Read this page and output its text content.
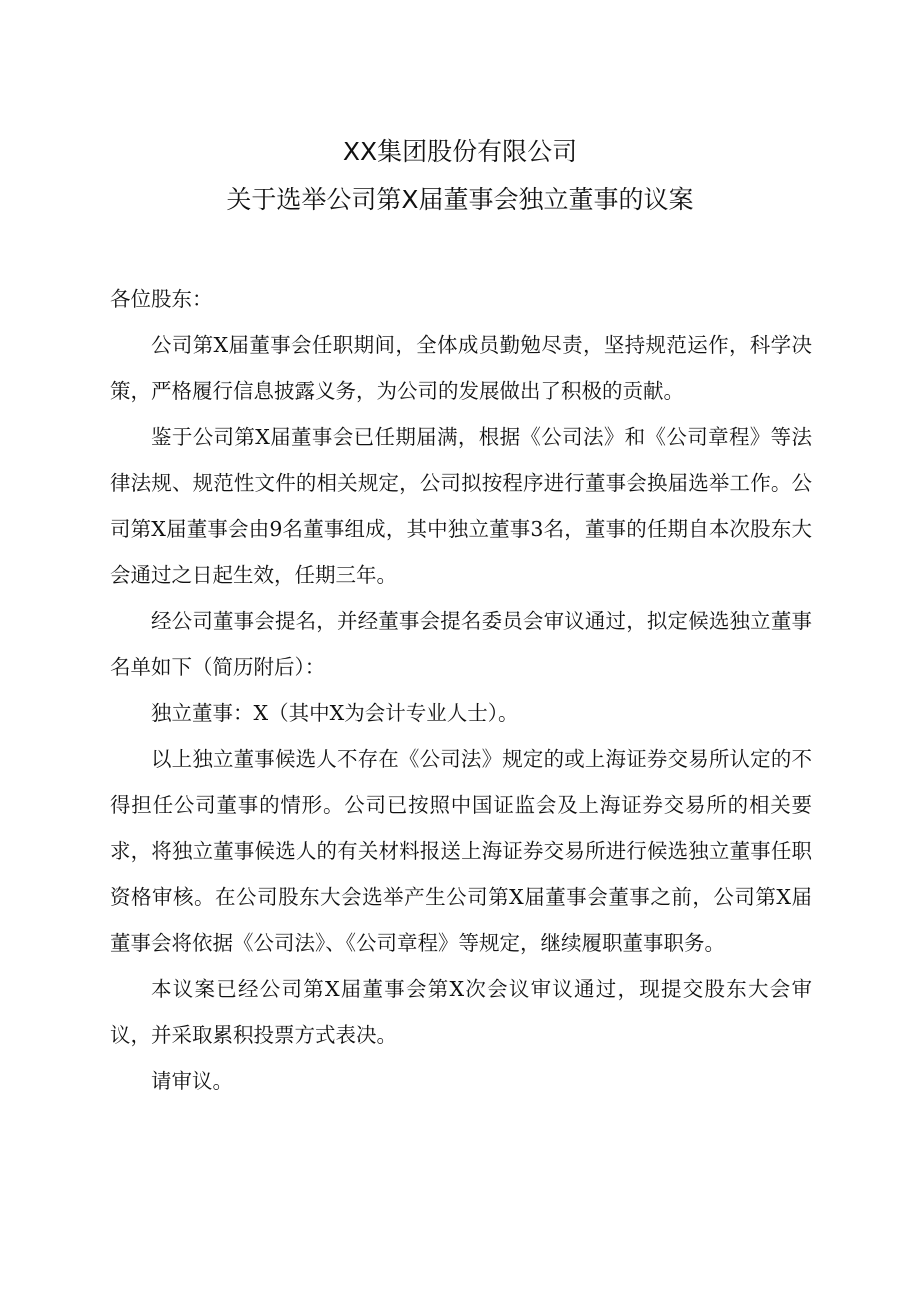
XX集团股份有限公司
关于选举公司第X届董事会独立董事的议案

各位股东：

公司第X届董事会任职期间，全体成员勤勉尽责，坚持规范运作，科学决策，严格履行信息披露义务，为公司的发展做出了积极的贡献。

鉴于公司第X届董事会已任期届满，根据《公司法》和《公司章程》等法律法规、规范性文件的相关规定，公司拟按程序进行董事会换届选举工作。公司第X届董事会由9名董事组成，其中独立董事3名，董事的任期自本次股东大会通过之日起生效，任期三年。

经公司董事会提名，并经董事会提名委员会审议通过，拟定候选独立董事名单如下（简历附后）：

独立董事：X（其中X为会计专业人士）。

以上独立董事候选人不存在《公司法》规定的或上海证券交易所认定的不得担任公司董事的情形。公司已按照中国证监会及上海证券交易所的相关要求，将独立董事候选人的有关材料报送上海证券交易所进行候选独立董事任职资格审核。在公司股东大会选举产生公司第X届董事会董事之前，公司第X届董事会将依据《公司法》、《公司章程》等规定，继续履职董事职务。

本议案已经公司第X届董事会第X次会议审议通过，现提交股东大会审议，并采取累积投票方式表决。

请审议。
